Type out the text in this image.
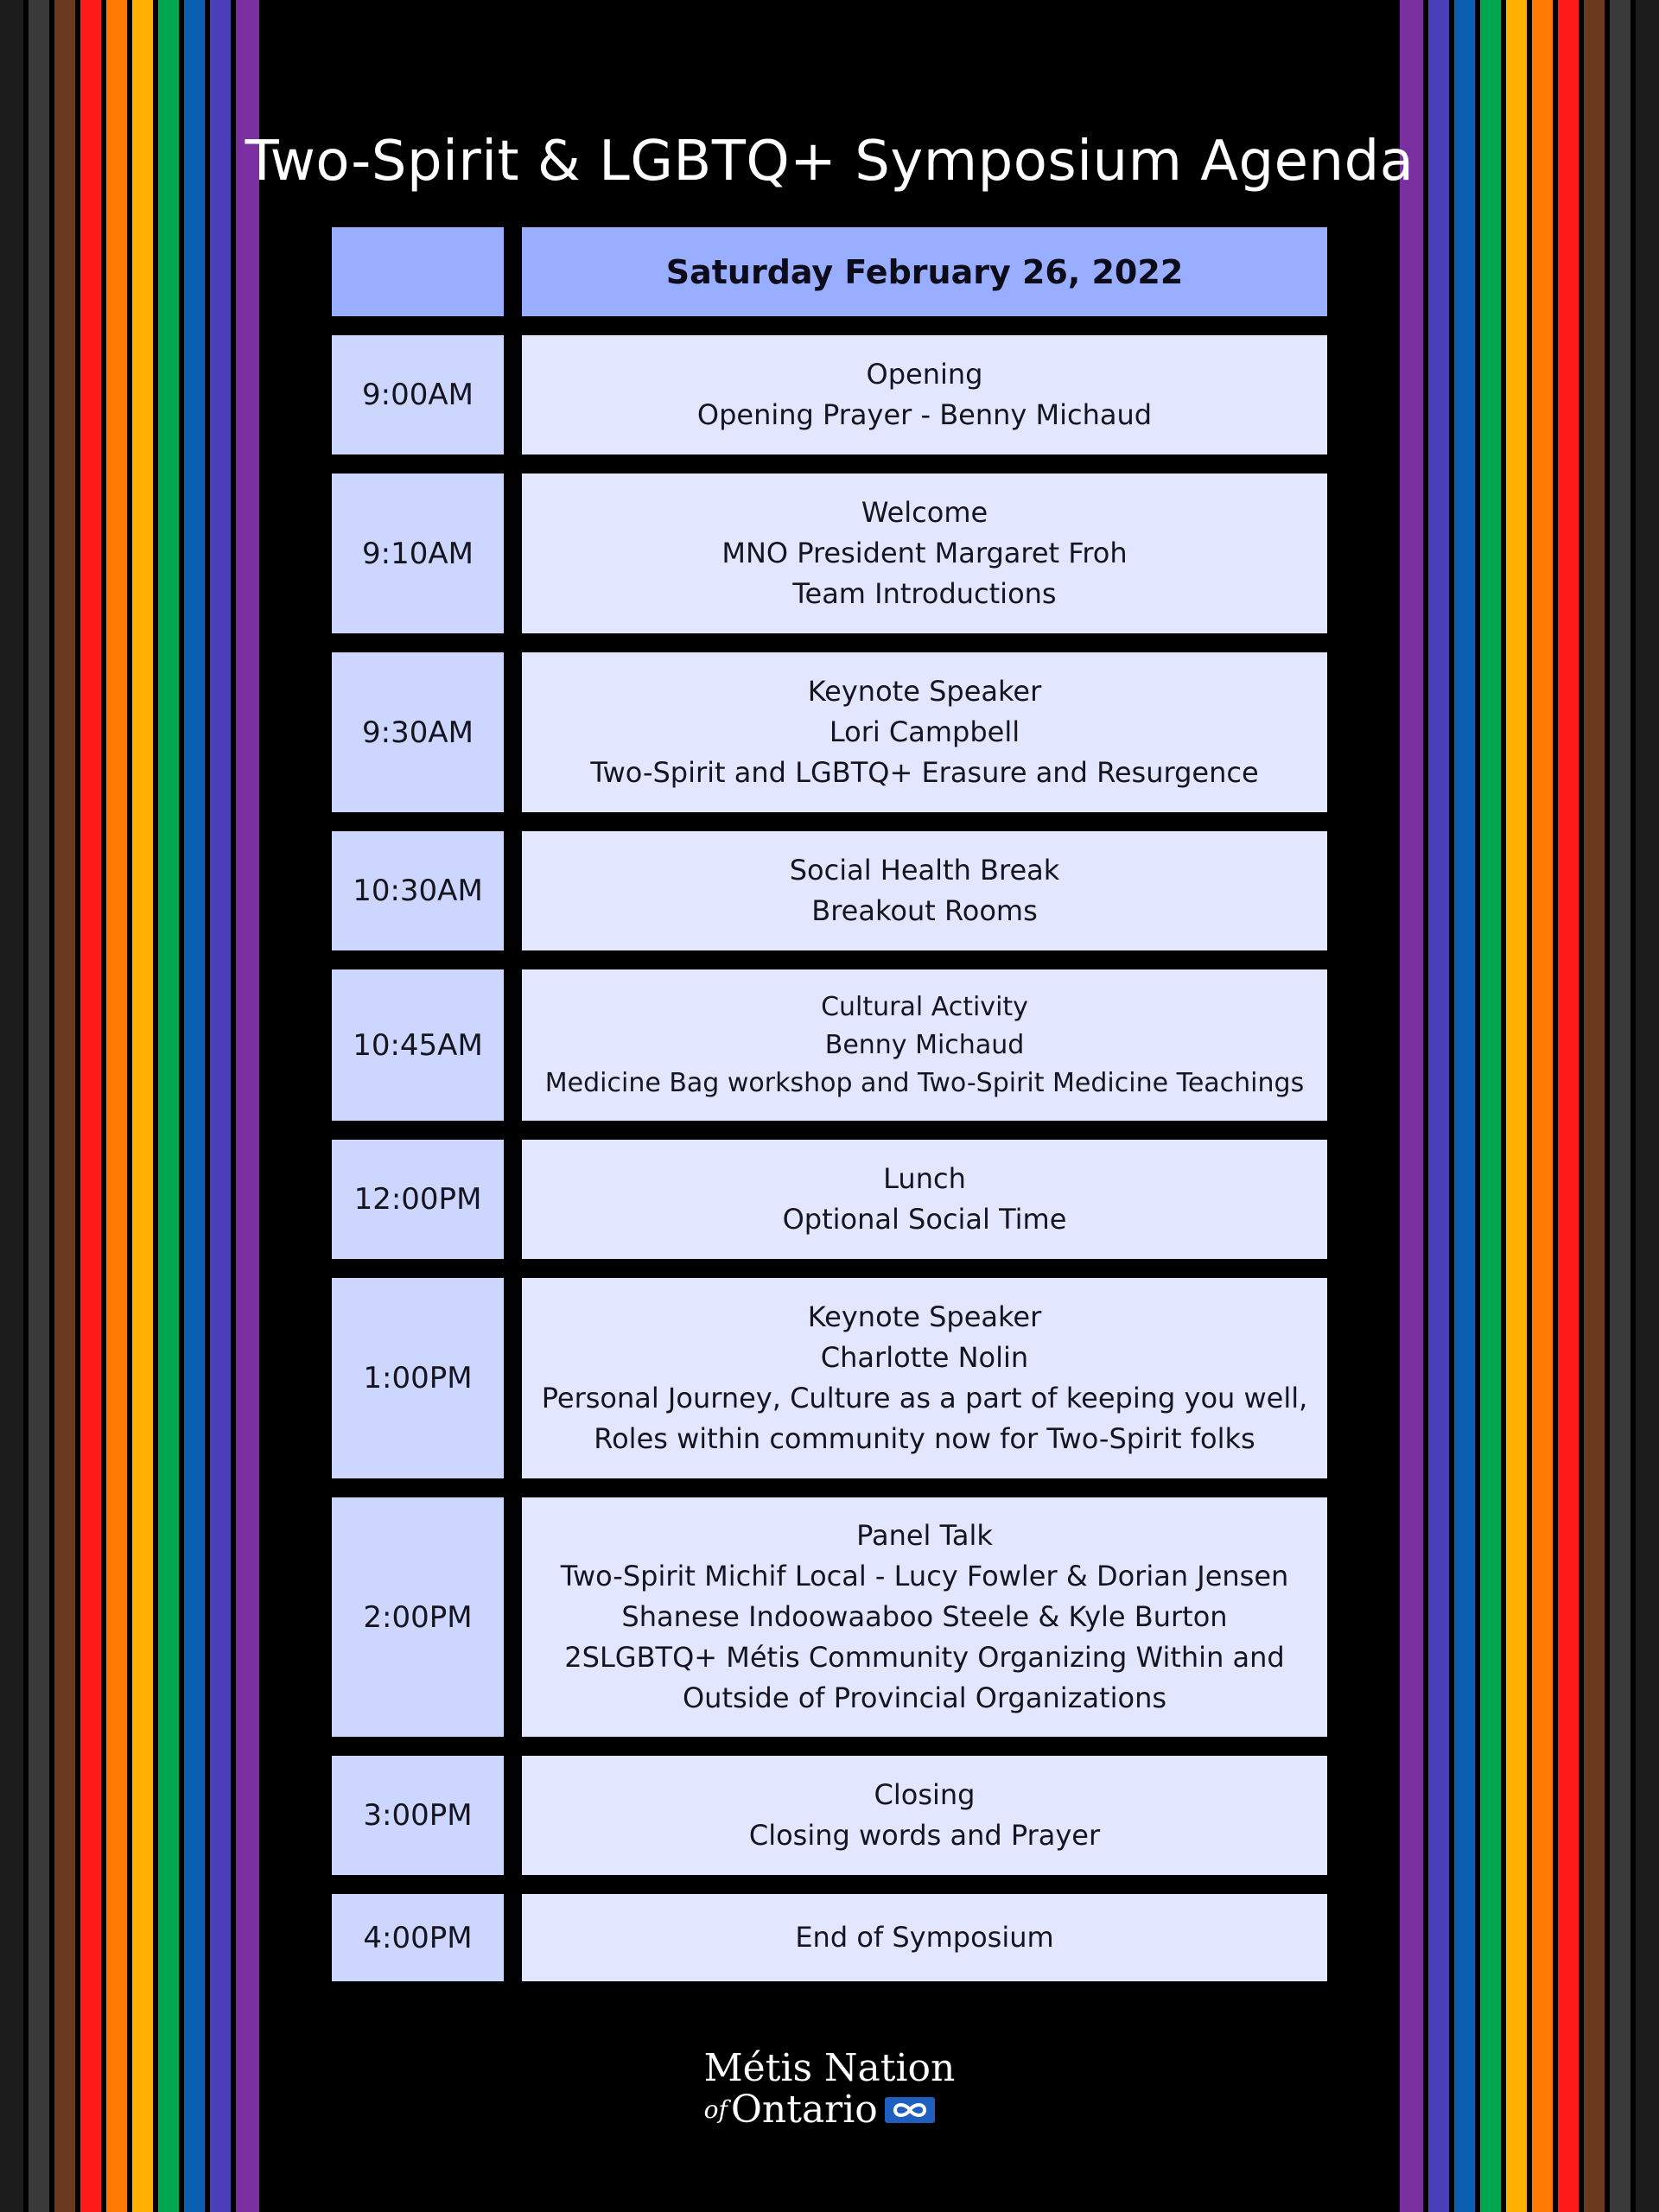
Two-Spirit & LGBTQ+ Symposium Agenda
Saturday February 26, 2022
9:00AM
Opening
Opening Prayer - Benny Michaud
9:10AM
Welcome
MNO President Margaret Froh
Team Introductions
9:30AM
Keynote Speaker
Lori Campbell
Two-Spirit and LGBTQ+ Erasure and Resurgence
10:30AM
Social Health Break
Breakout Rooms
10:45AM
Cultural Activity
Benny Michaud
Medicine Bag workshop and Two-Spirit Medicine Teachings
12:00PM
Lunch
Optional Social Time
1:00PM
Keynote Speaker
Charlotte Nolin
Personal Journey, Culture as a part of keeping you well,
Roles within community now for Two-Spirit folks
2:00PM
Panel Talk
Two-Spirit Michif Local - Lucy Fowler & Dorian Jensen
Shanese Indoowaaboo Steele & Kyle Burton
2SLGBTQ+ Métis Community Organizing Within and
Outside of Provincial Organizations
3:00PM
Closing
Closing words and Prayer
4:00PM	End of Symposium
Métis Nation
of Ontario
